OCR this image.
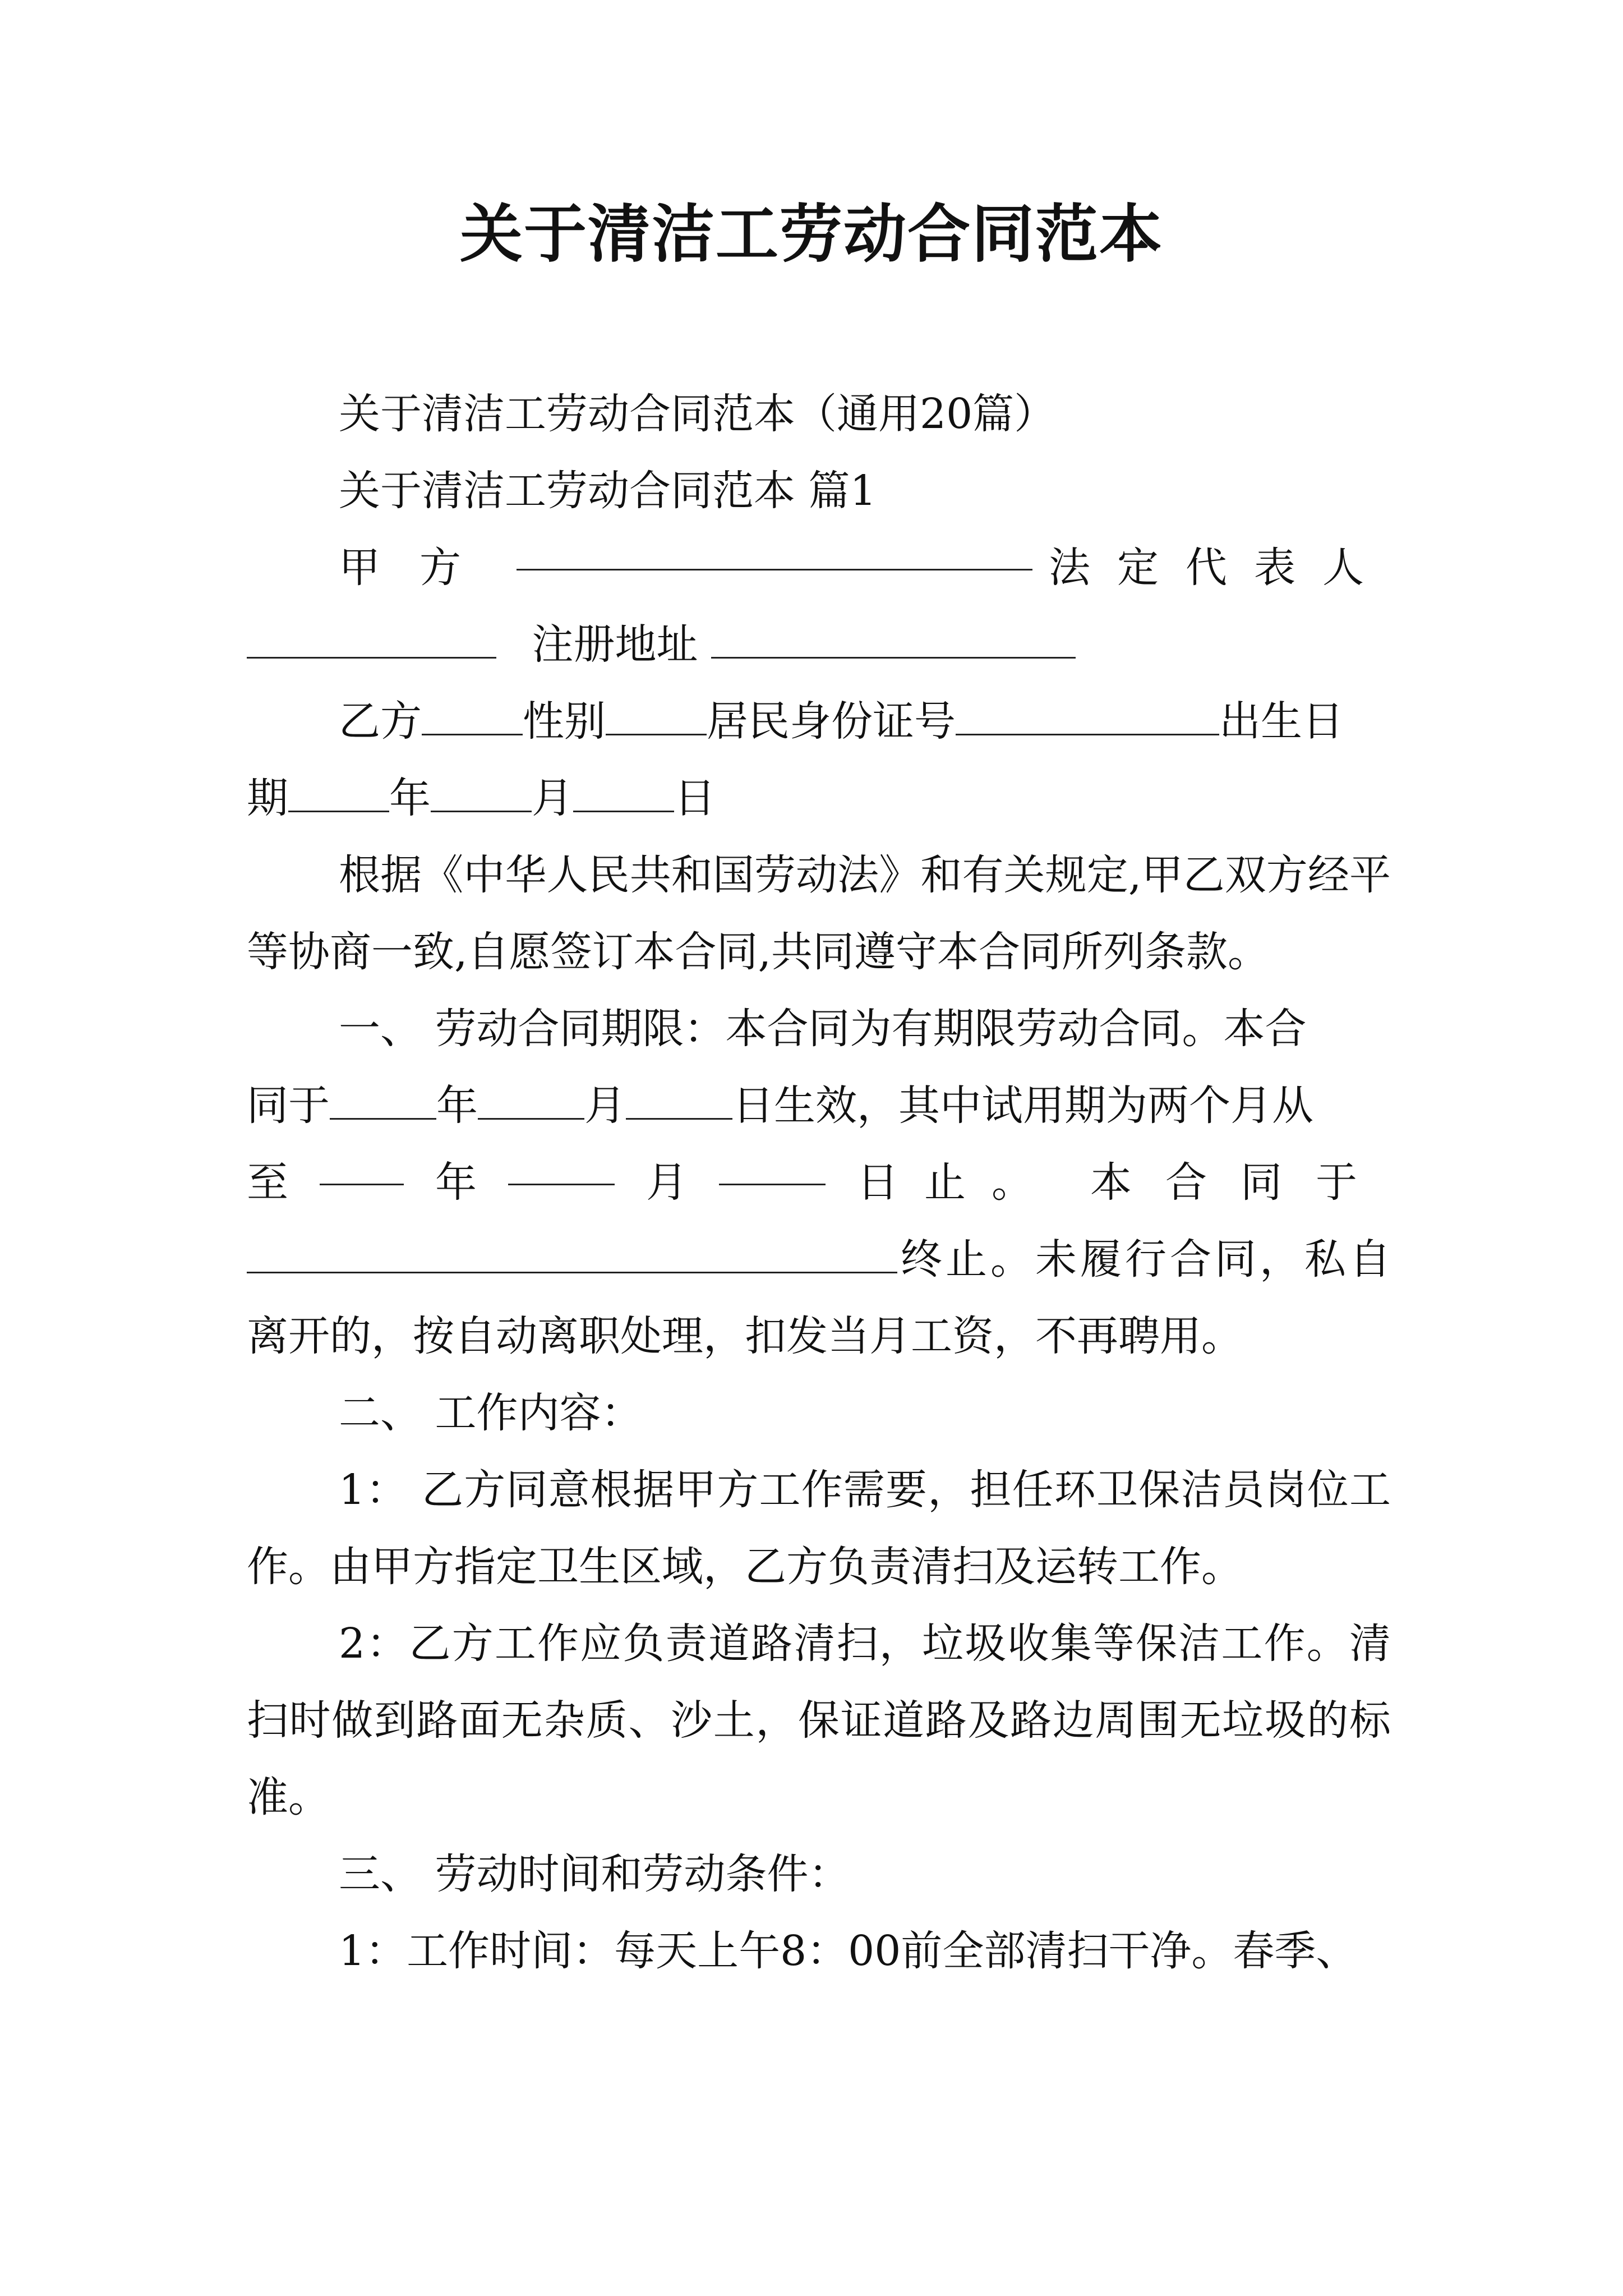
关于清洁工劳动合同范本

关于清洁工劳动合同范本（通用20篇）

关于清洁工劳动合同范本 篇1

甲方	法定代表人
注册地址
乙方 性别 居民身份证号	出生日
期 年 月 日

根据《中华人民共和国劳动法》和有关规定,甲乙双方经平等协商一致,自愿签订本合同,共同遵守本合同所列条款。

一、 劳动合同期限：本合同为有期限劳动合同。本合

同于	年	月	日生效，其中试用期为两个月从
至	年	月	日止。 本合同于
终止。未履行合同，私自离开的，按自动离职处理，扣发当月工资，不再聘用。

二、 工作内容：

1： 乙方同意根据甲方工作需要，担任环卫保洁员岗位工作。由甲方指定卫生区域，乙方负责清扫及运转工作。

2：乙方工作应负责道路清扫，垃圾收集等保洁工作。清扫时做到路面无杂质、沙土，保证道路及路边周围无垃圾的标准。

三、 劳动时间和劳动条件：

1：工作时间：每天上午8：00前全部清扫干净。春季、
